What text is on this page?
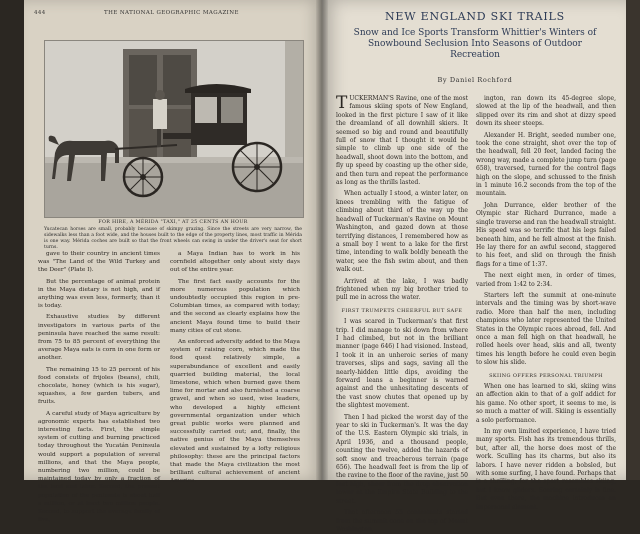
444	THE NATIONAL GEOGRAPHIC MAGAZINE
FOR HIRE, A MÉRIDA "TAXI," AT 25 CENTS AN HOUR
Yucatecan horses are small, probably because of skimpy grazing. Since the streets are very narrow, the sidewalks less than a foot wide, and the houses built to the edge of the property lines, most traffic in Mérida is one way. Mérida coches are built so that the front wheels can swing in under the driver's seat for short turns.

gave to their country in ancient times was "The Land of the Wild Turkey and the Deer" (Plate I).

But the percentage of animal protein in the Maya dietary is not high, and if anything was even less, formerly, than it is today.

Exhaustive studies by different investigators in various parts of the peninsula have reached the same result: from 75 to 85 percent of everything the average Maya eats is corn in one form or another.

The remaining 15 to 25 percent of his food consists of frijoles (beans), chili, chocolate, honey (which is his sugar), squashes, a few garden tubers, and fruits.

A careful study of Maya agriculture by agronomic experts has established two interesting facts. First, the simple system of cutting and burning practiced today throughout the Yucatán Peninsula would support a population of several millions, and that the Maya people, numbering two million, could be maintained today by only a fraction of the land and labor. Second, the present population of the peninsula is about half a million, or at least two million people. Second, to support the average family of five,

a Maya Indian has to work in his cornfield altogether only about sixty days out of the entire year.

The first fact easily accounts for the more numerous population which undoubtedly occupied this region in pre-Columbian times, as compared with today; and the second as clearly explains how the ancient Maya found time to build their many cities of cut stone.

An enforced adversity added to the Maya system of raising corn, which made the food quest relatively simple, a superabundance of excellent and easily quarried building material, the local limestone, which when burned gave them lime for mortar and also furnished a coarse gravel, and when so used, wise leaders, who developed a highly efficient governmental organization under which great public works were planned and successfully carried out; and, finally, the native genius of the Maya themselves elevated and sustained by a lofty religious philosophy: these are the principal factors that made the Maya civilization the most brilliant cultural achievement of ancient America.

NEW ENGLAND SKI TRAILS
Snow and Ice Sports Transform Whittier's Winters of Snowbound Seclusion Into Seasons of Outdoor Recreation
By Daniel Rochford

TUCKERMAN'S Ravine, one of the most famous skiing spots of New England, looked in the first picture I saw of it like the dreamland of all downhill skiers. It seemed so big and round and beautifully full of snow that I thought it would be simple to climb up one side of the headwall, shoot down into the bottom, and fly up speed by coasting up the other side, and then turn and repeat the performance as long as the thrills lasted.

When actually I stood, a winter later, on knees trembling with the fatigue of climbing about third of the way up the headwall of Tuckerman's Ravine on Mount Washington, and gazed down at those terrifying distances, I remembered how as a small boy I went to a lake for the first time, intending to walk boldly beneath the water, see the fish swim about, and then walk out.

Arrived at the lake, I was badly frightened when my big brother tried to pull me in across the water.

FIRST TRUMPETS CHEERFUL BUT SAFE

I was scared in Tuckerman's that first trip. I did manage to ski down from where I had climbed, but not in the brilliant manner (page 646) I had visioned. Instead, I took it in an unheroic series of many traverses, slips and sags, saving all the nearly-hidden little dips, avoiding the forward leans a beginner is warned against and the unhesitating descents of the vast snow chutes that opened up by the slightest movement.

Then I had picked the worst day of the year to ski in Tuckerman's. It was the day of the U.S. Eastern Olympic ski trials, in April 1936, and a thousand people, counting the twelve, added the hazards of soft snow and treacherous terrain (page 656). The headwall feet is from the lip of the ravine to the floor of the ravine, just 50 feet high, sheer from the drop observation tower at the Empire State Building to the street.

That afternoon 55 contestants started from the summit cone on the top of Mount Washington,

ington, ran down its 45-degree slope, slowed at the lip of the headwall, and then slipped over its rim and shot at dizzy speed down its sheer steeps.

Alexander H. Bright, seeded number one, took the cone straight, shot over the top of the headwall, fell 20 feet, landed facing the wrong way, made a complete jump turn (page 658), traversed, turned for the control flags high on the slope, and schussed to the finish in 1 minute 16.2 seconds from the top of the mountain.

John Durrance, elder brother of the Olympic star Richard Durrance, made a single traverse and ran the headwall straight. His speed was so terrific that his legs failed beneath him, and he fell almost at the finish. He lay there for an awful second, staggered to his feet, and slid on through the finish flags for a time of 1:37.

The next eight men, in order of times, varied from 1:42 to 2:34.

Starters left the summit at one-minute intervals and the timing was by short-wave radio. More than half the men, including champions who later represented the United States in the Olympic races abroad, fell. And once a man fell high on that headwall, he rolled heels over head, skis and all, twenty times his length before he could even begin to slow his slide.

SKIING OFFERS PERSONAL TRIUMPH

When one has learned to ski, skiing wins an affection akin to that of a golf addict for his game. No other sport, it seems to me, is so much a matter of will. Skiing is essentially a solo performance.

In my own limited experience, I have tried many sports. Fish has its tremendous thrills, but, after all, the horse does most of the work. Sculling has its charms, but also its labors. I have never ridden a bobsled, but with some surfing, I have found. Perhaps that is a thrilling; for the sport resembles skiing, but I know gliders. Soaring certainly is fine. But even there, the machine introduces an impersonal element.
